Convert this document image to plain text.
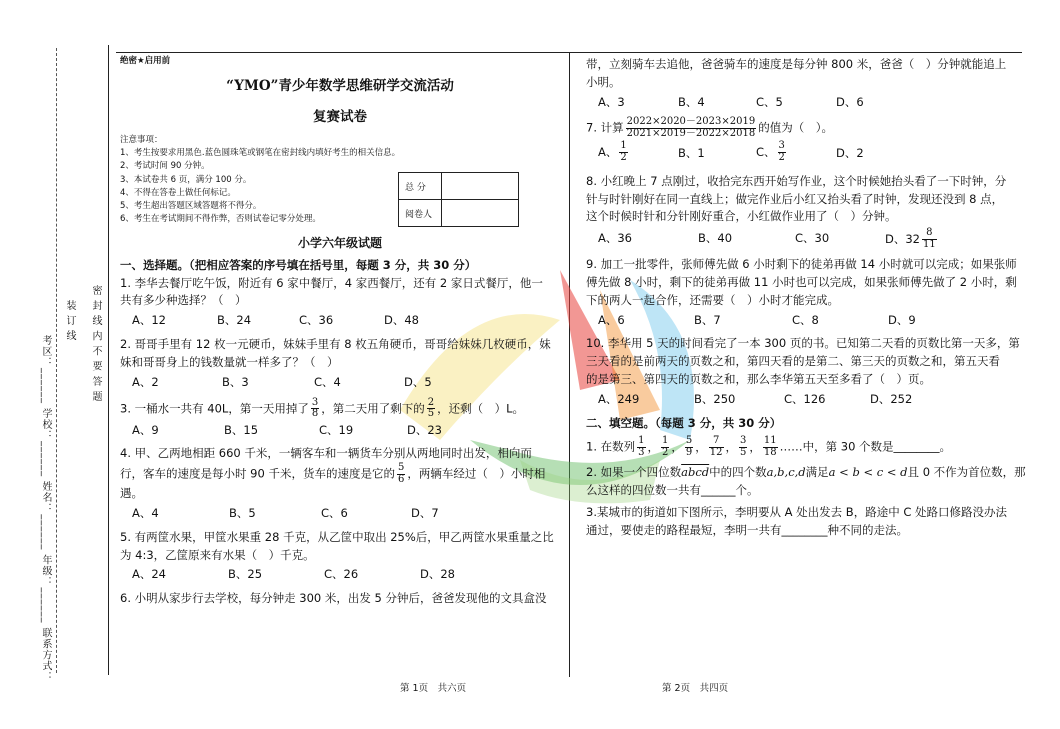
考区：______ 学校：______ 姓名：______ 年级：______ 联系方式：
装 订 线 密 封 线 内 不 要 答 题
绝密★启用前
“YMO”青少年数学思维研学交流活动
复赛试卷
注意事项：
1、考生按要求用黑色.蓝色圆珠笔或钢笔在密封线内填好考生的相关信息。
2、考试时间 90 分钟。
3、本试卷共 6 页，满分 100 分。
4、不得在答卷上做任何标记。
5、考生超出答题区域答题将不得分。
6、考生在考试期间不得作弊，否则试卷记零分处理。
小学六年级试题
一、选择题。（把相应答案的序号填在括号里，每题 3 分，共 30 分）
1. 李华去餐厅吃午饭，附近有 6 家中餐厅，4 家西餐厅，还有 2 家日式餐厅，他一
共有多少种选择？（　）
A、12	B、24	C、36	D、48
2. 哥哥手里有 12 枚一元硬币，妹妹手里有 8 枚五角硬币，哥哥给妹妹几枚硬币，妹
妹和哥哥身上的钱数量就一样多了？（　）
A、2	B、3	C、4	D、5
3. 一桶水一共有 40L，第一天用掉了 $\frac{3}{8}$ ，第二天用了剩下的 $\frac{2}{5}$ ，还剩（　）L。
A、9	B、15	C、19	D、23
4. 甲、乙两地相距 660 千米，一辆客车和一辆货车分别从两地同时出发，相向而
行，客车的速度是每小时 90 千米，货车的速度是它的 $\frac{5}{6}$ ，两辆车经过（　）小时相
遇。
A、4	B、5	C、6	D、7
5. 有两筐水果，甲筐水果重 28 千克，从乙筐中取出 25%后，甲乙两筐水果重量之比
为 4:3，乙筐原来有水果（　）千克。
A、24	B、25	C、26	D、28
6. 小明从家步行去学校，每分钟走 300 米，出发 5 分钟后，爸爸发现他的文具盒没
总 分	
阅卷人	
带，立刻骑车去追他，爸爸骑车的速度是每分钟 800 米，爸爸（　）分钟就能追上
小明。
A、3	B、4	C、5	D、6
7. 计算 $\frac{2022\times 2020-2023\times 2019}{2021\times 2019-2022\times 2018}$ 的值为（　）。
A、 $\frac{1}{2}$	B、1	C、 $\frac{3}{2}$	D、2
8. 小红晚上 7 点刚过，收拾完东西开始写作业，这个时候她抬头看了一下时钟，分
针与时针刚好在同一直线上；做完作业后小红又抬头看了时钟，发现还没到 8 点，
这个时候时针和分针刚好重合，小红做作业用了（　）分钟。
A、36	B、40	C、30	D、$32 \frac{8}{11}$
9. 加工一批零件，张师傅先做 6 小时剩下的徒弟再做 14 小时就可以完成；如果张师
傅先做 8 小时，剩下的徒弟再做 11 小时也可以完成，如果张师傅先做了 2 小时，剩
下的两人一起合作，还需要（　）小时才能完成。
A、6	B、7	C、8	D、9
10. 李华用 5 天的时间看完了一本 300 页的书。已知第二天看的页数比第一天多，第
三天看的是前两天的页数之和，第四天看的是第二、第三天的页数之和，第五天看
的是第三、第四天的页数之和，那么李华第五天至多看了（　）页。
A、249	B、250	C、126	D、252
二、填空题。（每题 3 分，共 30 分）
1. 在数列 $\frac{1}{3}$ ， $\frac{1}{2}$ ， $\frac{5}{9}$ ， $\frac{7}{12}$ ， $\frac{3}{5}$ ， $\frac{11}{18}$ ……中，第 30 个数是________。
2. 如果一个四位数abcd中的四个数a,b,c,d满足a < b < c < d且 0 不作为首位数，那
么这样的四位数一共有______个。
3.某城市的街道如下图所示，李明要从 A 处出发去 B，路途中 C 处路口修路没办法
通过，要使走的路程最短，李明一共有________种不同的走法。
第 1页　共六页	第 2页　共四页
